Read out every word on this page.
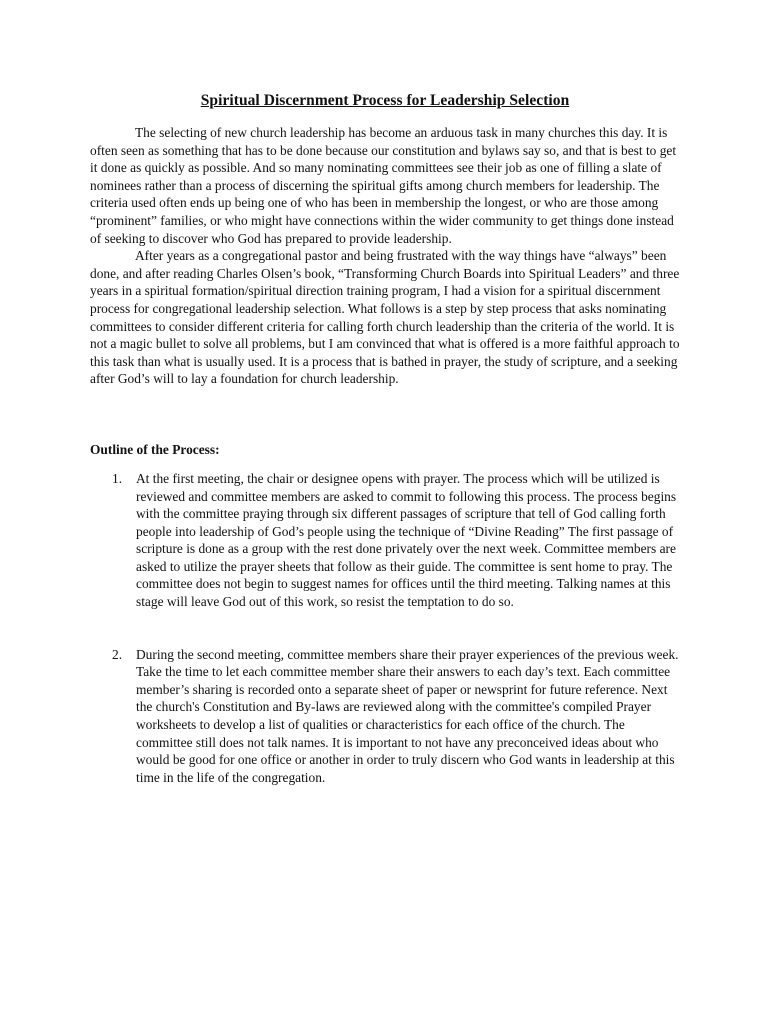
Spiritual Discernment Process for Leadership Selection

The selecting of new church leadership has become an arduous task in many churches this day. It is often seen as something that has to be done because our constitution and bylaws say so, and that is best to get it done as quickly as possible. And so many nominating committees see their job as one of filling a slate of nominees rather than a process of discerning the spiritual gifts among church members for leadership. The criteria used often ends up being one of who has been in membership the longest, or who are those among “prominent” families, or who might have connections within the wider community to get things done instead of seeking to discover who God has prepared to provide leadership.

After years as a congregational pastor and being frustrated with the way things have “always” been done, and after reading Charles Olsen’s book, “Transforming Church Boards into Spiritual Leaders” and three years in a spiritual formation/spiritual direction training program, I had a vision for a spiritual discernment process for congregational leadership selection. What follows is a step by step process that asks nominating committees to consider different criteria for calling forth church leadership than the criteria of the world. It is not a magic bullet to solve all problems, but I am convinced that what is offered is a more faithful approach to this task than what is usually used. It is a process that is bathed in prayer, the study of scripture, and a seeking after God’s will to lay a foundation for church leadership.

Outline of the Process:
1. At the first meeting, the chair or designee opens with prayer. The process which will be utilized is reviewed and committee members are asked to commit to following this process. The process begins with the committee praying through six different passages of scripture that tell of God calling forth people into leadership of God’s people using the technique of “Divine Reading” The first passage of scripture is done as a group with the rest done privately over the next week. Committee members are asked to utilize the prayer sheets that follow as their guide. The committee is sent home to pray. The committee does not begin to suggest names for offices until the third meeting. Talking names at this stage will leave God out of this work, so resist the temptation to do so.
2. During the second meeting, committee members share their prayer experiences of the previous week. Take the time to let each committee member share their answers to each day’s text. Each committee member’s sharing is recorded onto a separate sheet of paper or newsprint for future reference. Next the church's Constitution and By-laws are reviewed along with the committee's compiled Prayer worksheets to develop a list of qualities or characteristics for each office of the church. The committee still does not talk names. It is important to not have any preconceived ideas about who would be good for one office or another in order to truly discern who God wants in leadership at this time in the life of the congregation.
